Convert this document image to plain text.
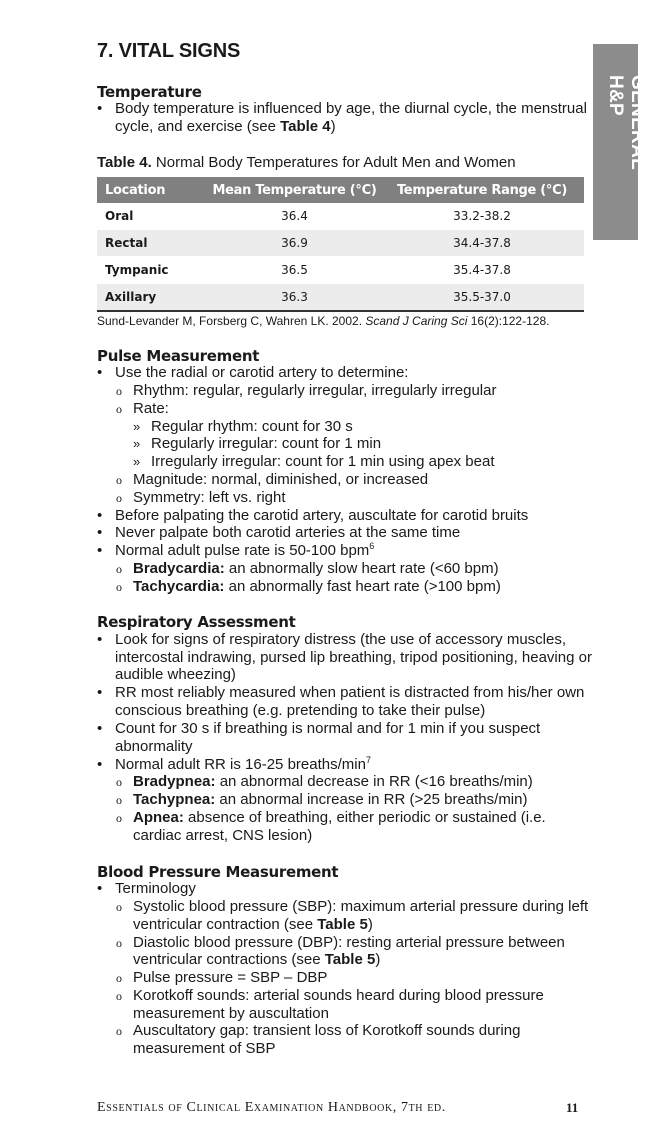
GENERAL H&P
7. VITAL SIGNS
Temperature
• Body temperature is influenced by age, the diurnal cycle, the menstrual
cycle, and exercise (see Table 4)
Table 4. Normal Body Temperatures for Adult Men and Women
Location	Mean Temperature (°C)	Temperature Range (°C)
Oral	36.4	33.2-38.2
Rectal	36.9	34.4-37.8
Tympanic	36.5	35.4-37.8
Axillary	36.3	35.5-37.0
Sund-Levander M, Forsberg C, Wahren LK. 2002. Scand J Caring Sci 16(2):122-128.
Pulse Measurement
• Use the radial or carotid artery to determine:
o Rhythm: regular, regularly irregular, irregularly irregular
o Rate:
» Regular rhythm: count for 30 s
» Regularly irregular: count for 1 min
» Irregularly irregular: count for 1 min using apex beat
o Magnitude: normal, diminished, or increased
o Symmetry: left vs. right
• Before palpating the carotid artery, auscultate for carotid bruits
• Never palpate both carotid arteries at the same time
• Normal adult pulse rate is 50-100 bpm$^6$
o Bradycardia: an abnormally slow heart rate (<60 bpm)
o Tachycardia: an abnormally fast heart rate (>100 bpm)
Respiratory Assessment
• Look for signs of respiratory distress (the use of accessory muscles,
intercostal indrawing, pursed lip breathing, tripod positioning, heaving or
audible wheezing)
• RR most reliably measured when patient is distracted from his/her own
conscious breathing (e.g. pretending to take their pulse)
• Count for 30 s if breathing is normal and for 1 min if you suspect
abnormality
• Normal adult RR is 16-25 breaths/$\min^7$
o Bradypnea: an abnormal decrease in RR (<16 breaths/min)
o Tachypnea: an abnormal increase in RR (>25 breaths/min)
o Apnea: absence of breathing, either periodic or sustained (i.e.
cardiac arrest, CNS lesion)
Blood Pressure Measurement
• Terminology
o Systolic blood pressure (SBP): maximum arterial pressure during left
ventricular contraction (see Table 5)
o Diastolic blood pressure (DBP): resting arterial pressure between
ventricular contractions (see Table 5)
o Pulse pressure = SBP – DBP
o Korotkoff sounds: arterial sounds heard during blood pressure
measurement by auscultation
o Auscultatory gap: transient loss of Korotkoff sounds during
measurement of SBP
Essentials of Clinical Examination Handbook, 7th ed.	11
